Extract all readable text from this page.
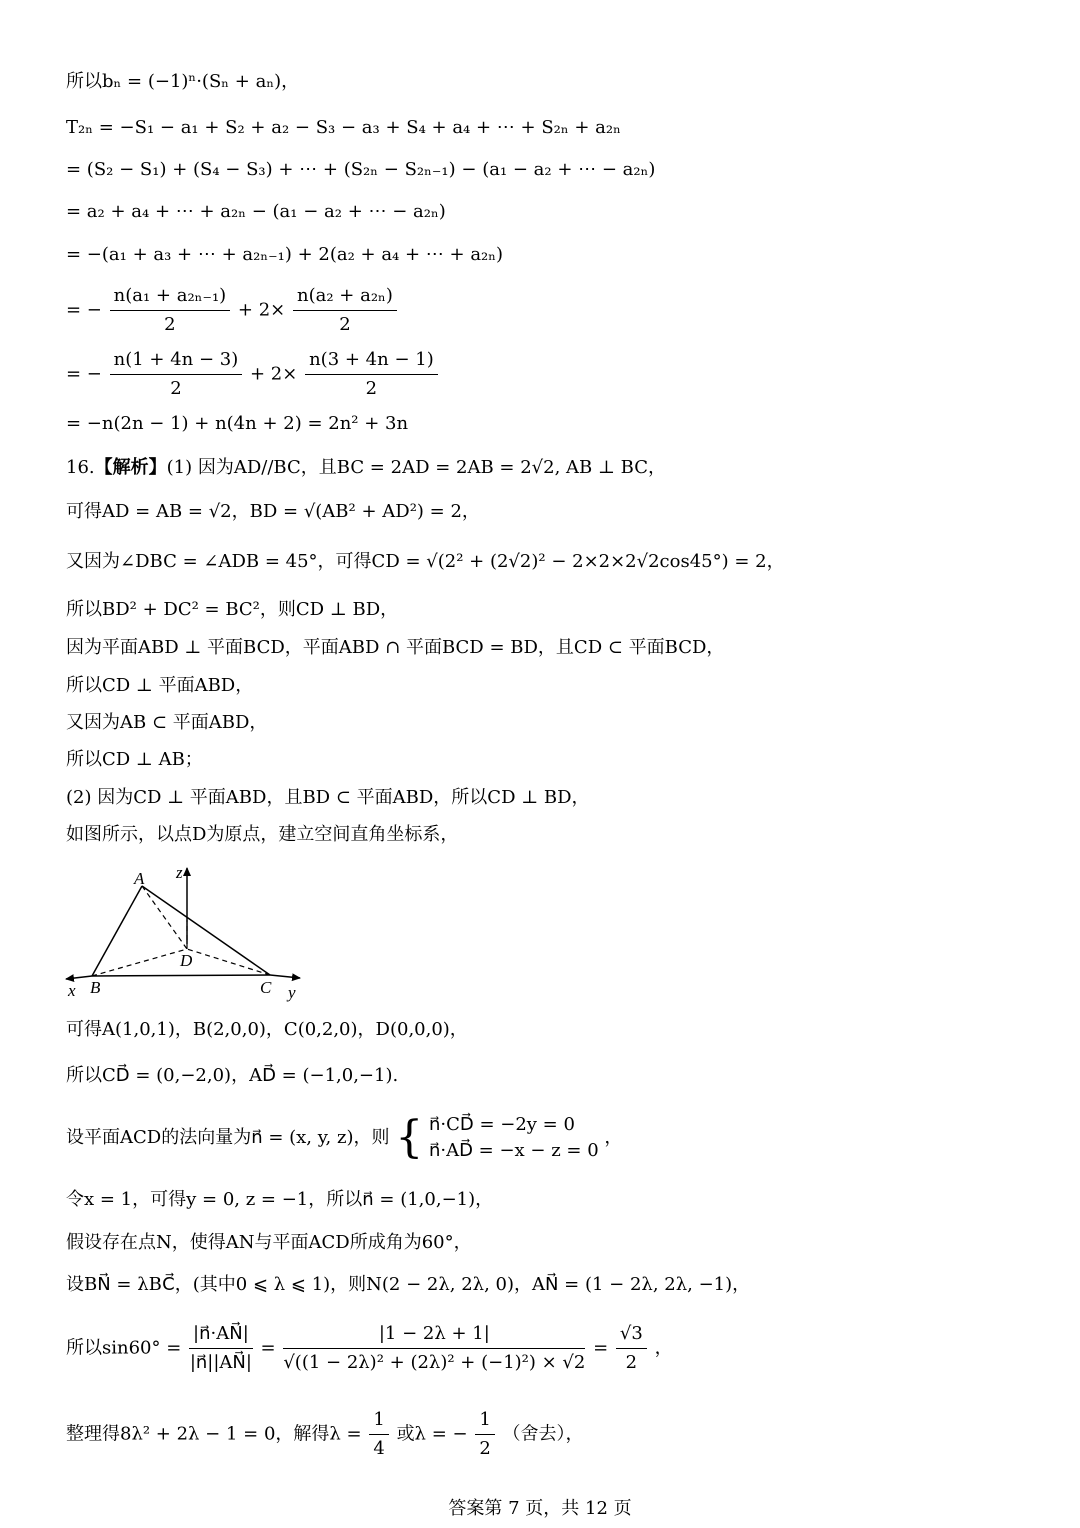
所以bₙ = (−1)ⁿ·(Sₙ + aₙ)，
T₂ₙ = −S₁ − a₁ + S₂ + a₂ − S₃ − a₃ + S₄ + a₄ + ⋯ + S₂ₙ + a₂ₙ
= (S₂ − S₁) + (S₄ − S₃) + ⋯ + (S₂ₙ − S₂ₙ₋₁) − (a₁ − a₂ + ⋯ − a₂ₙ)
= a₂ + a₄ + ⋯ + a₂ₙ − (a₁ − a₂ + ⋯ − a₂ₙ)
= −(a₁ + a₃ + ⋯ + a₂ₙ₋₁) + 2(a₂ + a₄ + ⋯ + a₂ₙ)
= − $\frac{\text{n(a₁ + a₂ₙ₋₁)}}{2} + 2\times \frac{\text{n(a₂ + a₂ₙ)}}{2}$
= − $\frac{n(1 + 4n - 3)}{2} + 2\times \frac{n(3 + 4n - 1)}{2}$
= −n(2n − 1) + n(4n + 2) = 2n² + 3n
16.【解析】(1) 因为AD//BC，且BC = 2AD = 2AB = 2√2, AB ⊥ BC，
可得AD = AB = √2，BD = √(AB² + AD²) = 2，
又因为∠DBC = ∠ADB = 45°，可得CD = √(2² + (2√2)² − 2×2×2√2cos45°) = 2，
所以BD² + DC² = BC²，则CD ⊥ BD，
因为平面ABD ⊥ 平面BCD，平面ABD ∩ 平面BCD = BD，且CD ⊂ 平面BCD，
所以CD ⊥ 平面ABD，
又因为AB ⊂ 平面ABD，
所以CD ⊥ AB；
(2) 因为CD ⊥ 平面ABD，且BD ⊂ 平面ABD，所以CD ⊥ BD，
如图所示，以点D为原点，建立空间直角坐标系，
A z
D
x B	C y
可得A(1,0,1)，B(2,0,0)，C(0,2,0)，D(0,0,0)，
所以CD⃗ = (0,−2,0)，AD⃗ = (−1,0,−1).
设平面ACD的法向量为n⃗ = (x, y, z)，则 { n⃗·CD⃗ = −2y = 0
n⃗·AD⃗ = −x − z = 0
，
令x = 1，可得y = 0, z = −1，所以n⃗ = (1,0,−1)，
假设存在点N，使得AN与平面ACD所成角为60°，
设BN⃗ = λBC⃗，(其中0 ⩽ λ ⩽ 1)，则N(2 − 2λ, 2λ, 0)，AN⃗ = (1 − 2λ, 2λ, −1)，
所以$\sin 60^\circ = \frac{|n⃗\cdot AN⃗|}{|n⃗||AN⃗|} = \frac{|1 - 2\lambda + 1|}{\text{√((1 − 2λ)² + (2λ)² + (−1)²) × √2}} = \frac{√3}{2}$ ，
整理得8λ² + 2λ − 1 = 0，解得$\lambda = \frac{1}{4}$ 或λ = − $\frac{1}{2}$ （舍去），
答案第 7 页，共 12 页
